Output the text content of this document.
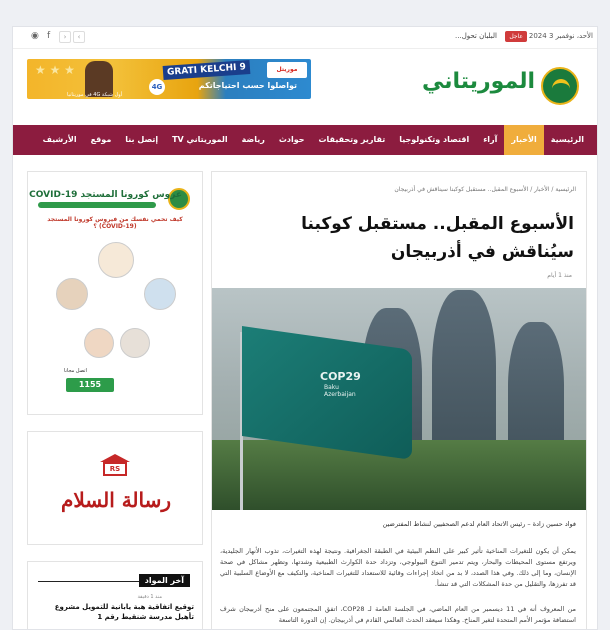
الأحد، نوفمبر 3 2024
عاجل
البلبان تحول...
‹	›
f
◉
الموريتاني
★ ★ ★
4G
GRATI KELCHI 9	موريتل
تواصلوا حسب احتياجاتكم
أول شبكة 4G في موريتانيا
الرئيسية
الأخبار
آراء
اقتصاد وتكنولوجيا
تقارير وتحقيقات
حوادث
رياضة
الموريتاني TV
إتصل بنا
موقع
الأرشيف
عروس كورونا المستجد COVID-19
كيف تحمي نفسك من فيروس كورونا المستجد (COVID-19) ؟
اتصل مجانا
1155
RS
رسالة السلام
آخر المواد
منذ 1 دقيقة
توقيع اتفاقية هبة يابانية للتمويل مشروع تأهيل مدرسة شنقيط رقم 1
الرئيسية / الأخبار / الأسبوع المقبل.. مستقبل كوكبنا سيناقش في أذربيجان
الأسبوع المقبل.. مستقبل كوكبنا سيُناقش في أذربيجان
منذ 1 أيام
COP29
Baku Azerbaijan
فواد حسين زادة – رئيس الاتحاد العام لدعم الصحفيين لنشاط المفترضين
يمكن أن يكون للتغيرات المناخية تأثير كبير على النظم البيئية في الطبقة الجغرافية. ونتيجة لهذه التغيرات، تذوب الأنهار الجليدية، ويرتفع مستوى المحيطات والبحار، ويتم تدمير التنوع البيولوجي، وتزداد حدة الكوارث الطبيعية وشدتها، وتظهر مشاكل في صحة الإنسان، وما إلى ذلك. وفي هذا الصدد، لا بد من اتخاذ إجراءات وقائية للاستعداد للتغيرات المناخية، والتكيف مع الأوضاع السلبية التي قد تفرزها، والتقليل من حدة المشكلات التي قد تنشأ.
من المعروف أنه في 11 ديسمبر من العام الماضي، في الجلسة العامة لـ COP28، اتفق المجتمعون على منح أذربيجان شرف استضافة مؤتمر الأمم المتحدة لتغير المناخ. وهكذا سيعقد الحدث العالمي القادم في أذربيجان. إن الدورة التاسعة
